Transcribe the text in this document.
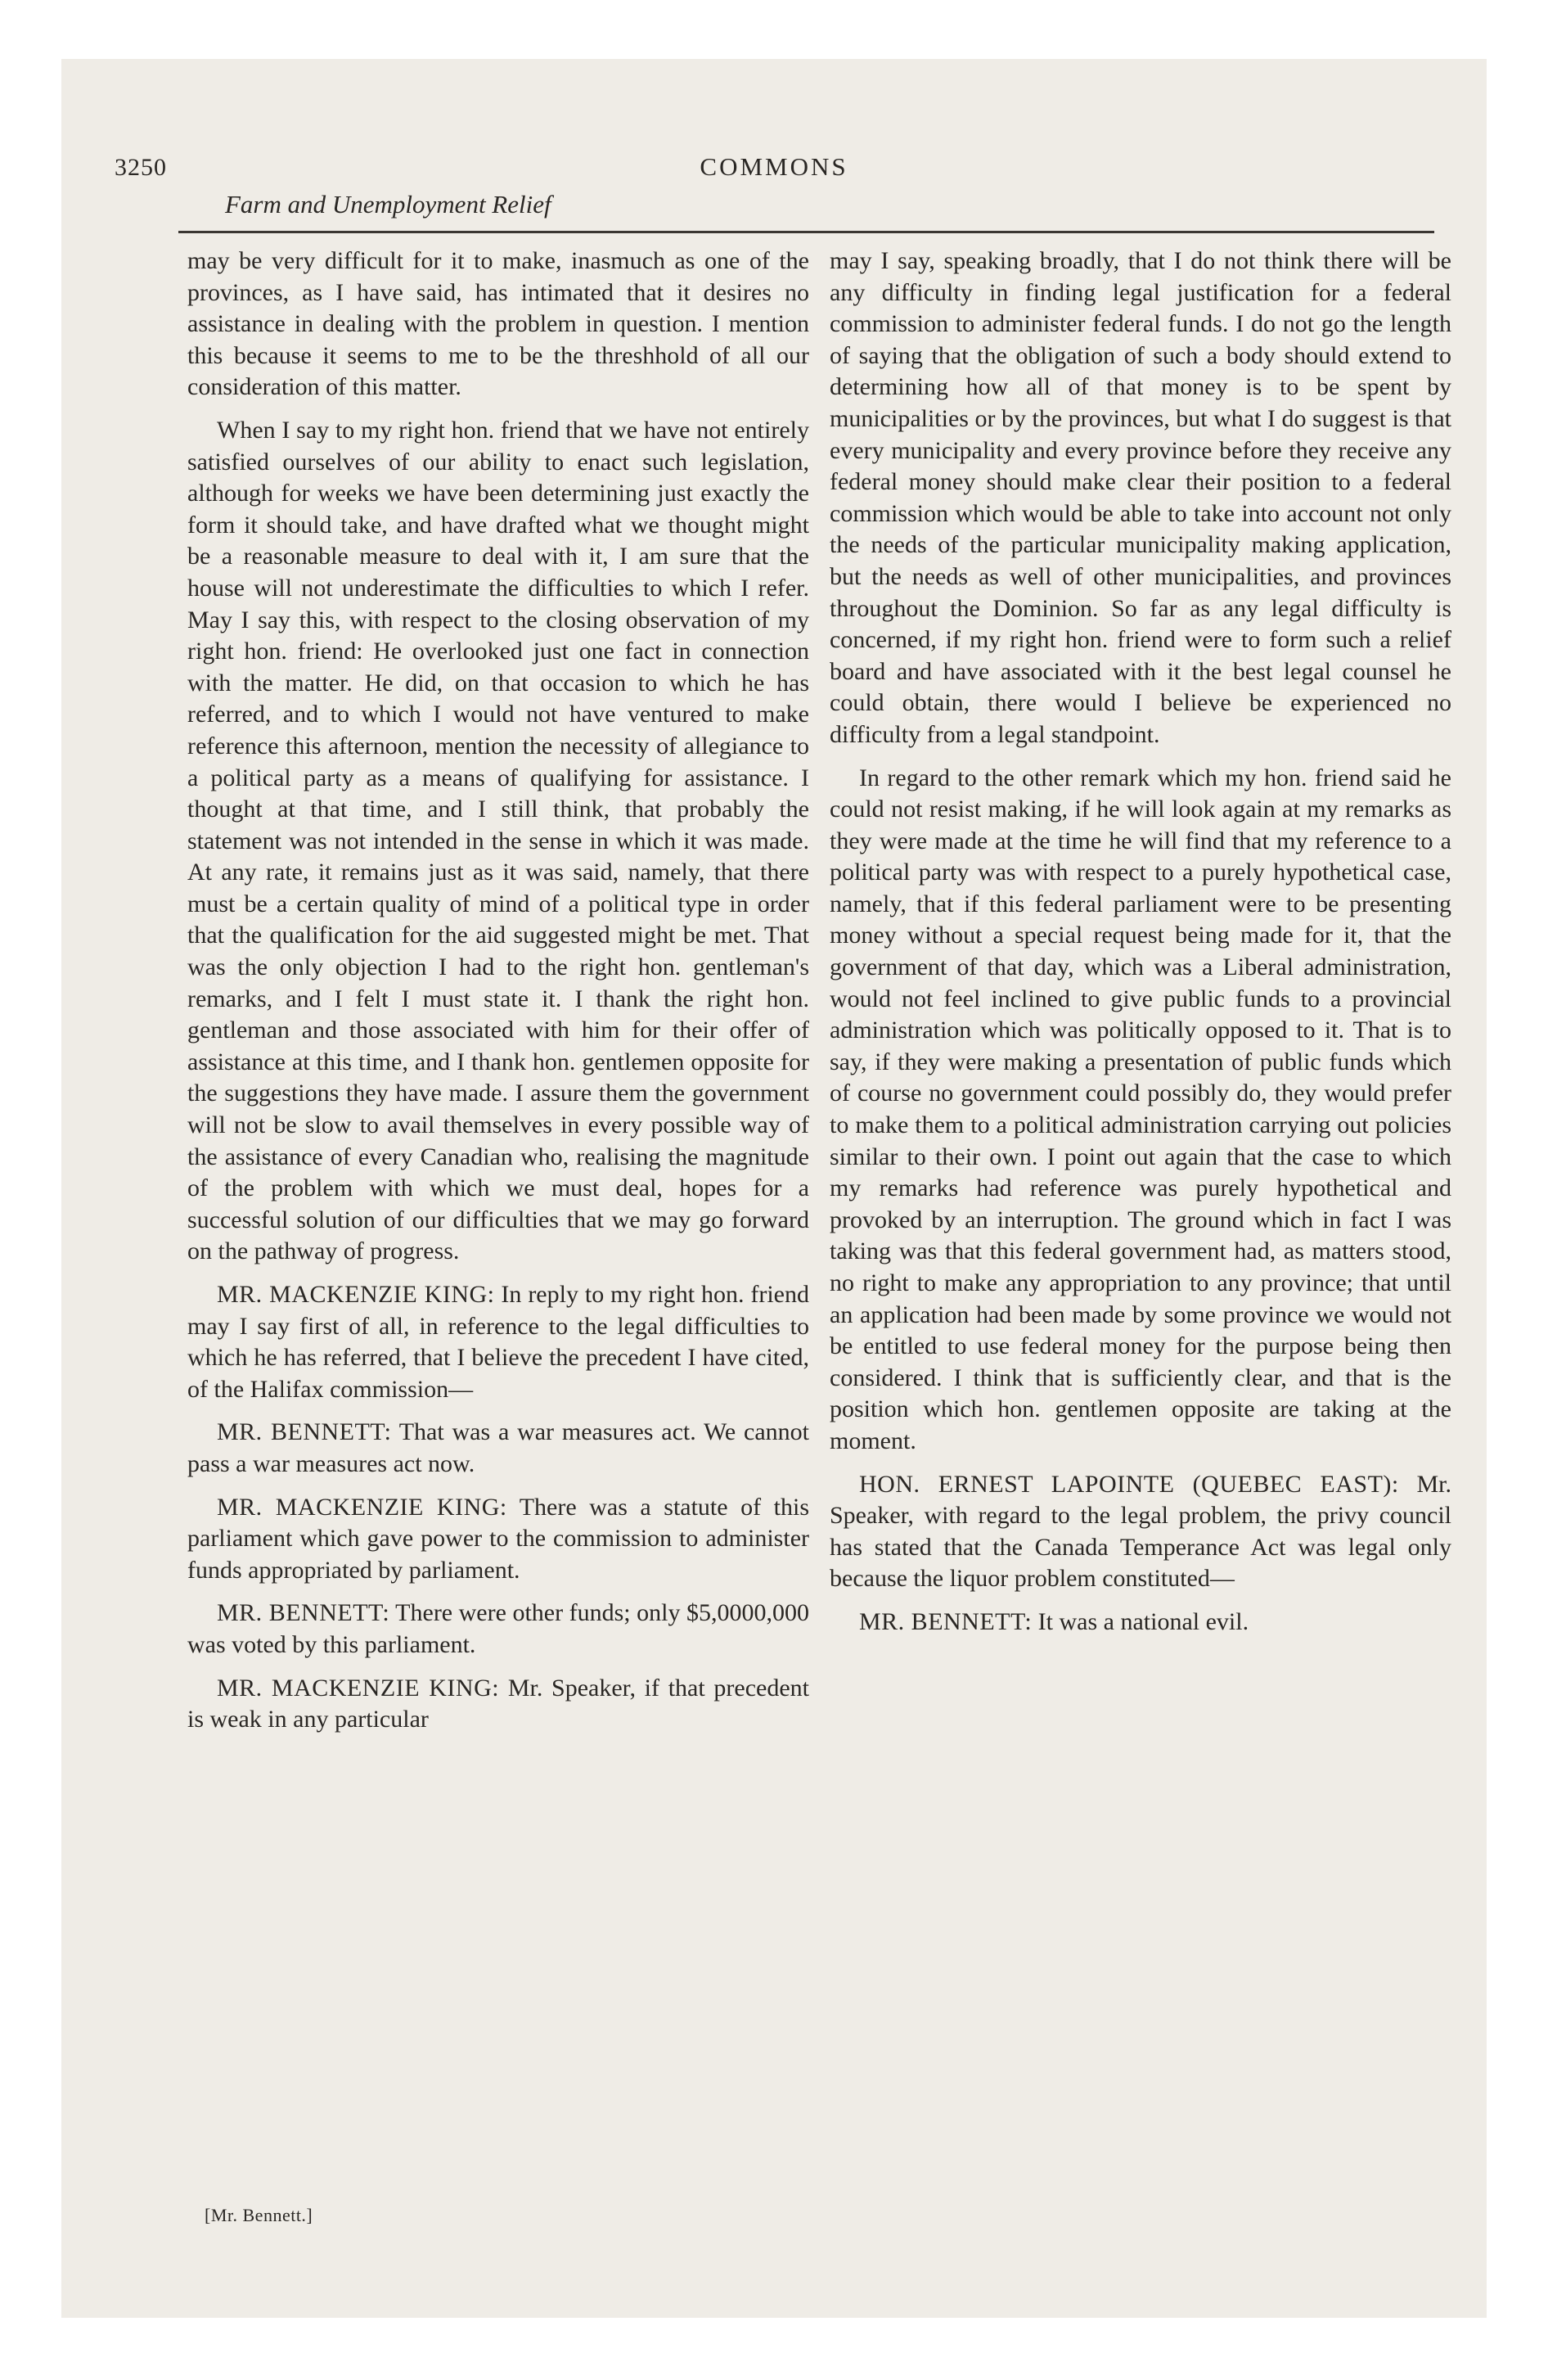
3250	COMMONS
Farm and Unemployment Relief

may be very difficult for it to make, inasmuch as one of the provinces, as I have said, has intimated that it desires no assistance in dealing with the problem in question. I mention this because it seems to me to be the threshhold of all our consideration of this matter.

When I say to my right hon. friend that we have not entirely satisfied ourselves of our ability to enact such legislation, although for weeks we have been determining just exactly the form it should take, and have drafted what we thought might be a reasonable measure to deal with it, I am sure that the house will not underestimate the difficulties to which I refer. May I say this, with respect to the closing observation of my right hon. friend: He overlooked just one fact in connection with the matter. He did, on that occasion to which he has referred, and to which I would not have ventured to make reference this afternoon, mention the necessity of allegiance to a political party as a means of qualifying for assistance. I thought at that time, and I still think, that probably the statement was not intended in the sense in which it was made. At any rate, it remains just as it was said, namely, that there must be a certain quality of mind of a political type in order that the qualification for the aid suggested might be met. That was the only objection I had to the right hon. gentleman's remarks, and I felt I must state it. I thank the right hon. gentleman and those associated with him for their offer of assistance at this time, and I thank hon. gentlemen opposite for the suggestions they have made. I assure them the government will not be slow to avail themselves in every possible way of the assistance of every Canadian who, realising the magnitude of the problem with which we must deal, hopes for a successful solution of our difficulties that we may go forward on the pathway of progress.

MR. MACKENZIE KING: In reply to my right hon. friend may I say first of all, in reference to the legal difficulties to which he has referred, that I believe the precedent I have cited, of the Halifax commission—

MR. BENNETT: That was a war measures act. We cannot pass a war measures act now.

MR. MACKENZIE KING: There was a statute of this parliament which gave power to the commission to administer funds appropriated by parliament.

MR. BENNETT: There were other funds; only $5,0000,000 was voted by this parliament.

MR. MACKENZIE KING: Mr. Speaker, if that precedent is weak in any particular

may I say, speaking broadly, that I do not think there will be any difficulty in finding legal justification for a federal commission to administer federal funds. I do not go the length of saying that the obligation of such a body should extend to determining how all of that money is to be spent by municipalities or by the provinces, but what I do suggest is that every municipality and every province before they receive any federal money should make clear their position to a federal commission which would be able to take into account not only the needs of the particular municipality making application, but the needs as well of other municipalities, and provinces throughout the Dominion. So far as any legal difficulty is concerned, if my right hon. friend were to form such a relief board and have associated with it the best legal counsel he could obtain, there would I believe be experienced no difficulty from a legal standpoint.

In regard to the other remark which my hon. friend said he could not resist making, if he will look again at my remarks as they were made at the time he will find that my reference to a political party was with respect to a purely hypothetical case, namely, that if this federal parliament were to be presenting money without a special request being made for it, that the government of that day, which was a Liberal administration, would not feel inclined to give public funds to a provincial administration which was politically opposed to it. That is to say, if they were making a presentation of public funds which of course no government could possibly do, they would prefer to make them to a political administration carrying out policies similar to their own. I point out again that the case to which my remarks had reference was purely hypothetical and provoked by an interruption. The ground which in fact I was taking was that this federal government had, as matters stood, no right to make any appropriation to any province; that until an application had been made by some province we would not be entitled to use federal money for the purpose being then considered. I think that is sufficiently clear, and that is the position which hon. gentlemen opposite are taking at the moment.

HON. ERNEST LAPOINTE (QUEBEC EAST): Mr. Speaker, with regard to the legal problem, the privy council has stated that the Canada Temperance Act was legal only because the liquor problem constituted—

MR. BENNETT: It was a national evil.

[Mr. Bennett.]
